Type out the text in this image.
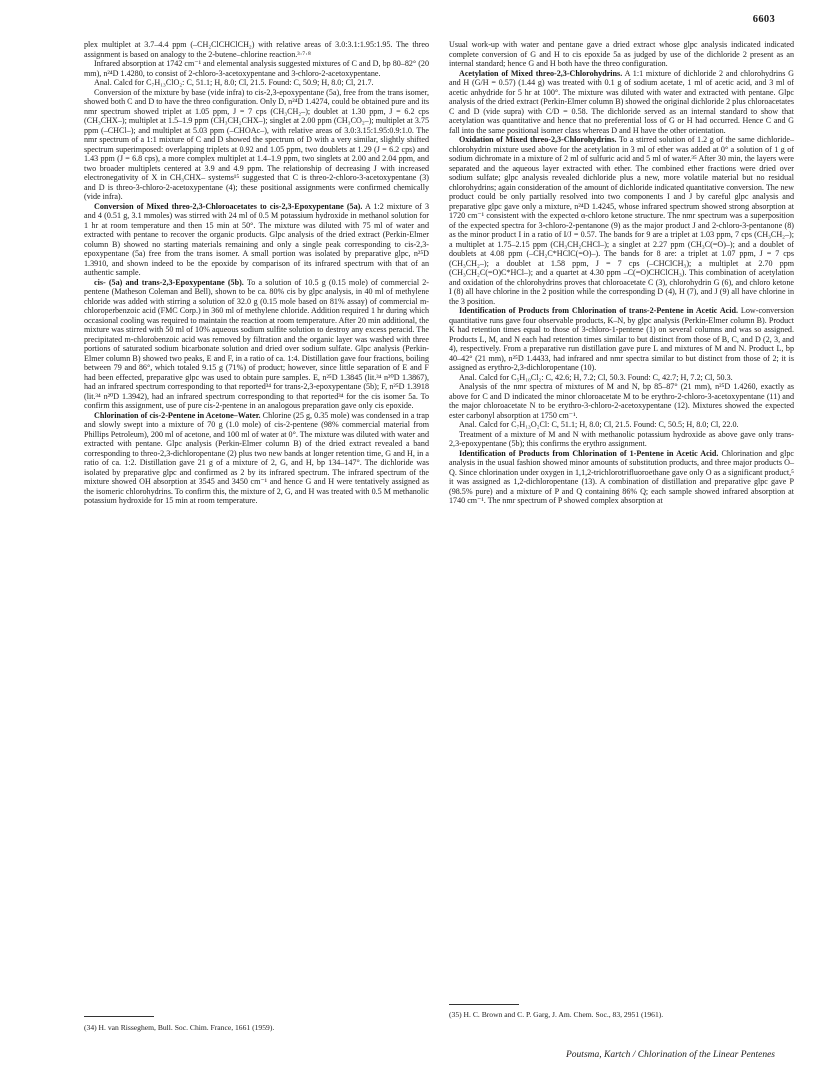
6603

plex multiplet at 3.7–4.4 ppm (–CH₂ClCHClCH₂) with relative areas of 3.0:3.1:1.95:1.95. The threo assignment is based on analogy to the 2-butene–chlorine reaction.³·⁷·⁸

Infrared absorption at 1742 cm⁻¹ and elemental analysis suggested mixtures of C and D, bp 80–82° (20 mm), n²⁴D 1.4280, to consist of 2-chloro-3-acetoxypentane and 3-chloro-2-acetoxypentane.

Anal. Calcd for C₇H₁₃ClO₂: C, 51.1; H, 8.0; Cl, 21.5. Found: C, 50.9; H, 8.0; Cl, 21.7.

Conversion of the mixture by base (vide infra) to cis-2,3-epoxypentane (5a), free from the trans isomer, showed both C and D to have the threo configuration. Only D, n²⁴D 1.4274, could be obtained pure and its nmr spectrum showed triplet at 1.05 ppm, J = 7 cps (CH₃CH₂–); doublet at 1.30 ppm, J = 6.2 cps (CH₃CHX–); multiplet at 1.5–1.9 ppm (CH₃CH₂CHX–); singlet at 2.00 ppm (CH₃CO₂–); multiplet at 3.75 ppm (–CHCl–); and multiplet at 5.03 ppm (–CHOAc–), with relative areas of 3.0:3.15:1.95:0.9:1.0. The nmr spectrum of a 1:1 mixture of C and D showed the spectrum of D with a very similar, slightly shifted spectrum superimposed: overlapping triplets at 0.92 and 1.05 ppm, two doublets at 1.29 (J = 6.2 cps) and 1.43 ppm (J = 6.8 cps), a more complex multiplet at 1.4–1.9 ppm, two singlets at 2.00 and 2.04 ppm, and two broader multiplets centered at 3.9 and 4.9 ppm. The relationship of decreasing J with increased electronegativity of X in CH₃CHX– systems¹⁵ suggested that C is threo-2-chloro-3-acetoxypentane (3) and D is threo-3-chloro-2-acetoxypentane (4); these positional assignments were confirmed chemically (vide infra).

Conversion of Mixed threo-2,3-Chloroacetates to cis-2,3-Epoxypentane (5a). A 1:2 mixture of 3 and 4 (0.51 g, 3.1 mmoles) was stirred with 24 ml of 0.5 M potassium hydroxide in methanol solution for 1 hr at room temperature and then 15 min at 50°. The mixture was diluted with 75 ml of water and extracted with pentane to recover the organic products. Glpc analysis of the dried extract (Perkin-Elmer column B) showed no starting materials remaining and only a single peak corresponding to cis-2,3-epoxypentane (5a) free from the trans isomer. A small portion was isolated by preparative glpc, n²⁵D 1.3910, and shown indeed to be the epoxide by comparison of its infrared spectrum with that of an authentic sample.

cis- (5a) and trans-2,3-Epoxypentane (5b). To a solution of 10.5 g (0.15 mole) of commercial 2-pentene (Matheson Coleman and Bell), shown to be ca. 80% cis by glpc analysis, in 40 ml of methylene chloride was added with stirring a solution of 32.0 g (0.15 mole based on 81% assay) of commercial m-chloroperbenzoic acid (FMC Corp.) in 360 ml of methylene chloride. Addition required 1 hr during which occasional cooling was required to maintain the reaction at room temperature. After 20 min additional, the mixture was stirred with 50 ml of 10% aqueous sodium sulfite solution to destroy any excess peracid. The precipitated m-chlorobenzoic acid was removed by filtration and the organic layer was washed with three portions of saturated sodium bicarbonate solution and dried over sodium sulfate. Glpc analysis (Perkin-Elmer column B) showed two peaks, E and F, in a ratio of ca. 1:4. Distillation gave four fractions, boiling between 79 and 86°, which totaled 9.15 g (71%) of product; however, since little separation of E and F had been effected, preparative glpc was used to obtain pure samples. E, n²⁵D 1.3845 (lit.³⁴ n²⁰D 1.3867), had an infrared spectrum corresponding to that reported³⁴ for trans-2,3-epoxypentane (5b); F, n²⁵D 1.3918 (lit.³⁴ n²⁰D 1.3942), had an infrared spectrum corresponding to that reported³⁴ for the cis isomer 5a. To confirm this assignment, use of pure cis-2-pentene in an analogous preparation gave only cis epoxide.

Chlorination of cis-2-Pentene in Acetone–Water. Chlorine (25 g, 0.35 mole) was condensed in a trap and slowly swept into a mixture of 70 g (1.0 mole) of cis-2-pentene (98% commercial material from Phillips Petroleum), 200 ml of acetone, and 100 ml of water at 0°. The mixture was diluted with water and extracted with pentane. Glpc analysis (Perkin-Elmer column B) of the dried extract revealed a band corresponding to threo-2,3-dichloropentane (2) plus two new bands at longer retention time, G and H, in a ratio of ca. 1:2. Distillation gave 21 g of a mixture of 2, G, and H, bp 134–147°. The dichloride was isolated by preparative glpc and confirmed as 2 by its infrared spectrum. The infrared spectrum of the mixture showed OH absorption at 3545 and 3450 cm⁻¹ and hence G and H were tentatively assigned as the isomeric chlorohydrins. To confirm this, the mixture of 2, G, and H was treated with 0.5 M methanolic potassium hydroxide for 15 min at room temperature.

Usual work-up with water and pentane gave a dried extract whose glpc analysis indicated indicated complete conversion of G and H to cis epoxide 5a as judged by use of the dichloride 2 present as an internal standard; hence G and H both have the threo configuration.

Acetylation of Mixed threo-2,3-Chlorohydrins. A 1:1 mixture of dichloride 2 and chlorohydrins G and H (G/H = 0.57) (1.44 g) was treated with 0.1 g of sodium acetate, 1 ml of acetic acid, and 3 ml of acetic anhydride for 5 hr at 100°. The mixture was diluted with water and extracted with pentane. Glpc analysis of the dried extract (Perkin-Elmer column B) showed the original dichloride 2 plus chloroacetates C and D (vide supra) with C/D = 0.58. The dichloride served as an internal standard to show that acetylation was quantitative and hence that no preferential loss of G or H had occurred. Hence C and G fall into the same positional isomer class whereas D and H have the other orientation.

Oxidation of Mixed threo-2,3-Chlorohydrins. To a stirred solution of 1.2 g of the same dichloride–chlorohydrin mixture used above for the acetylation in 3 ml of ether was added at 0° a solution of 1 g of sodium dichromate in a mixture of 2 ml of sulfuric acid and 5 ml of water.³⁵ After 30 min, the layers were separated and the aqueous layer extracted with ether. The combined ether fractions were dried over sodium sulfate; glpc analysis revealed dichloride plus a new, more volatile material but no residual chlorohydrins; again consideration of the amount of dichloride indicated quantitative conversion. The new product could be only partially resolved into two components I and J by careful glpc analysis and preparative glpc gave only a mixture, n²⁴D 1.4245, whose infrared spectrum showed strong absorption at 1720 cm⁻¹ consistent with the expected α-chloro ketone structure. The nmr spectrum was a superposition of the expected spectra for 3-chloro-2-pentanone (9) as the major product J and 2-chloro-3-pentanone (8) as the minor product I in a ratio of I/J = 0.57. The bands for 9 are a triplet at 1.03 ppm, 7 cps (CH₃CH₂–); a multiplet at 1.75–2.15 ppm (CH₃CH₂CHCl–); a singlet at 2.27 ppm (CH₃C(=O)–); and a doublet of doublets at 4.08 ppm (–CH₂C*HClC(=O)–). The bands for 8 are: a triplet at 1.07 ppm, J = 7 cps (CH₃CH₂–); a doublet at 1.58 ppm, J = 7 cps (–CHClCH₃); a multiplet at 2.70 ppm (CH₃CH₂C(=O)C*HCl–); and a quartet at 4.30 ppm –C(=O)CHClCH₃). This combination of acetylation and oxidation of the chlorohydrins proves that chloroacetate C (3), chlorohydrin G (6), and chloro ketone I (8) all have chlorine in the 2 position while the corresponding D (4), H (7), and J (9) all have chlorine in the 3 position.

Identification of Products from Chlorination of trans-2-Pentene in Acetic Acid. Low-conversion quantitative runs gave four observable products, K–N, by glpc analysis (Perkin-Elmer column B). Product K had retention times equal to those of 3-chloro-1-pentene (1) on several columns and was so assigned. Products L, M, and N each had retention times similar to but distinct from those of B, C, and D (2, 3, and 4), respectively. From a preparative run distillation gave pure L and mixtures of M and N. Product L, bp 40–42° (21 mm), n²⁵D 1.4433, had infrared and nmr spectra similar to but distinct from those of 2; it is assigned as erythro-2,3-dichloropentane (10).

Anal. Calcd for C₅H₁₀Cl₂: C, 42.6; H, 7.2; Cl, 50.3. Found: C, 42.7; H, 7.2; Cl, 50.3.

Analysis of the nmr spectra of mixtures of M and N, bp 85–87° (21 mm), n²⁵D 1.4260, exactly as above for C and D indicated the minor chloroacetate M to be erythro-2-chloro-3-acetoxypentane (11) and the major chloroacetate N to be erythro-3-chloro-2-acetoxypentane (12). Mixtures showed the expected ester carbonyl absorption at 1750 cm⁻¹.

Anal. Calcd for C₇H₁₃O₂Cl: C, 51.1; H, 8.0; Cl, 21.5. Found: C, 50.5; H, 8.0; Cl, 22.0.

Treatment of a mixture of M and N with methanolic potassium hydroxide as above gave only trans-2,3-epoxypentane (5b); this confirms the erythro assignment.

Identification of Products from Chlorination of 1-Pentene in Acetic Acid. Chlorination and glpc analysis in the usual fashion showed minor amounts of substitution products, and three major products O–Q. Since chlorination under oxygen in 1,1,2-trichlorotrifluoroethane gave only O as a significant product,⁵ it was assigned as 1,2-dichloropentane (13). A combination of distillation and preparative glpc gave P (98.5% pure) and a mixture of P and Q containing 86% Q; each sample showed infrared absorption at 1740 cm⁻¹. The nmr spectrum of P showed complex absorption at

(34) H. van Risseghem, Bull. Soc. Chim. France, 1661 (1959).
(35) H. C. Brown and C. P. Garg, J. Am. Chem. Soc., 83, 2951 (1961).
Poutsma, Kartch / Chlorination of the Linear Pentenes
